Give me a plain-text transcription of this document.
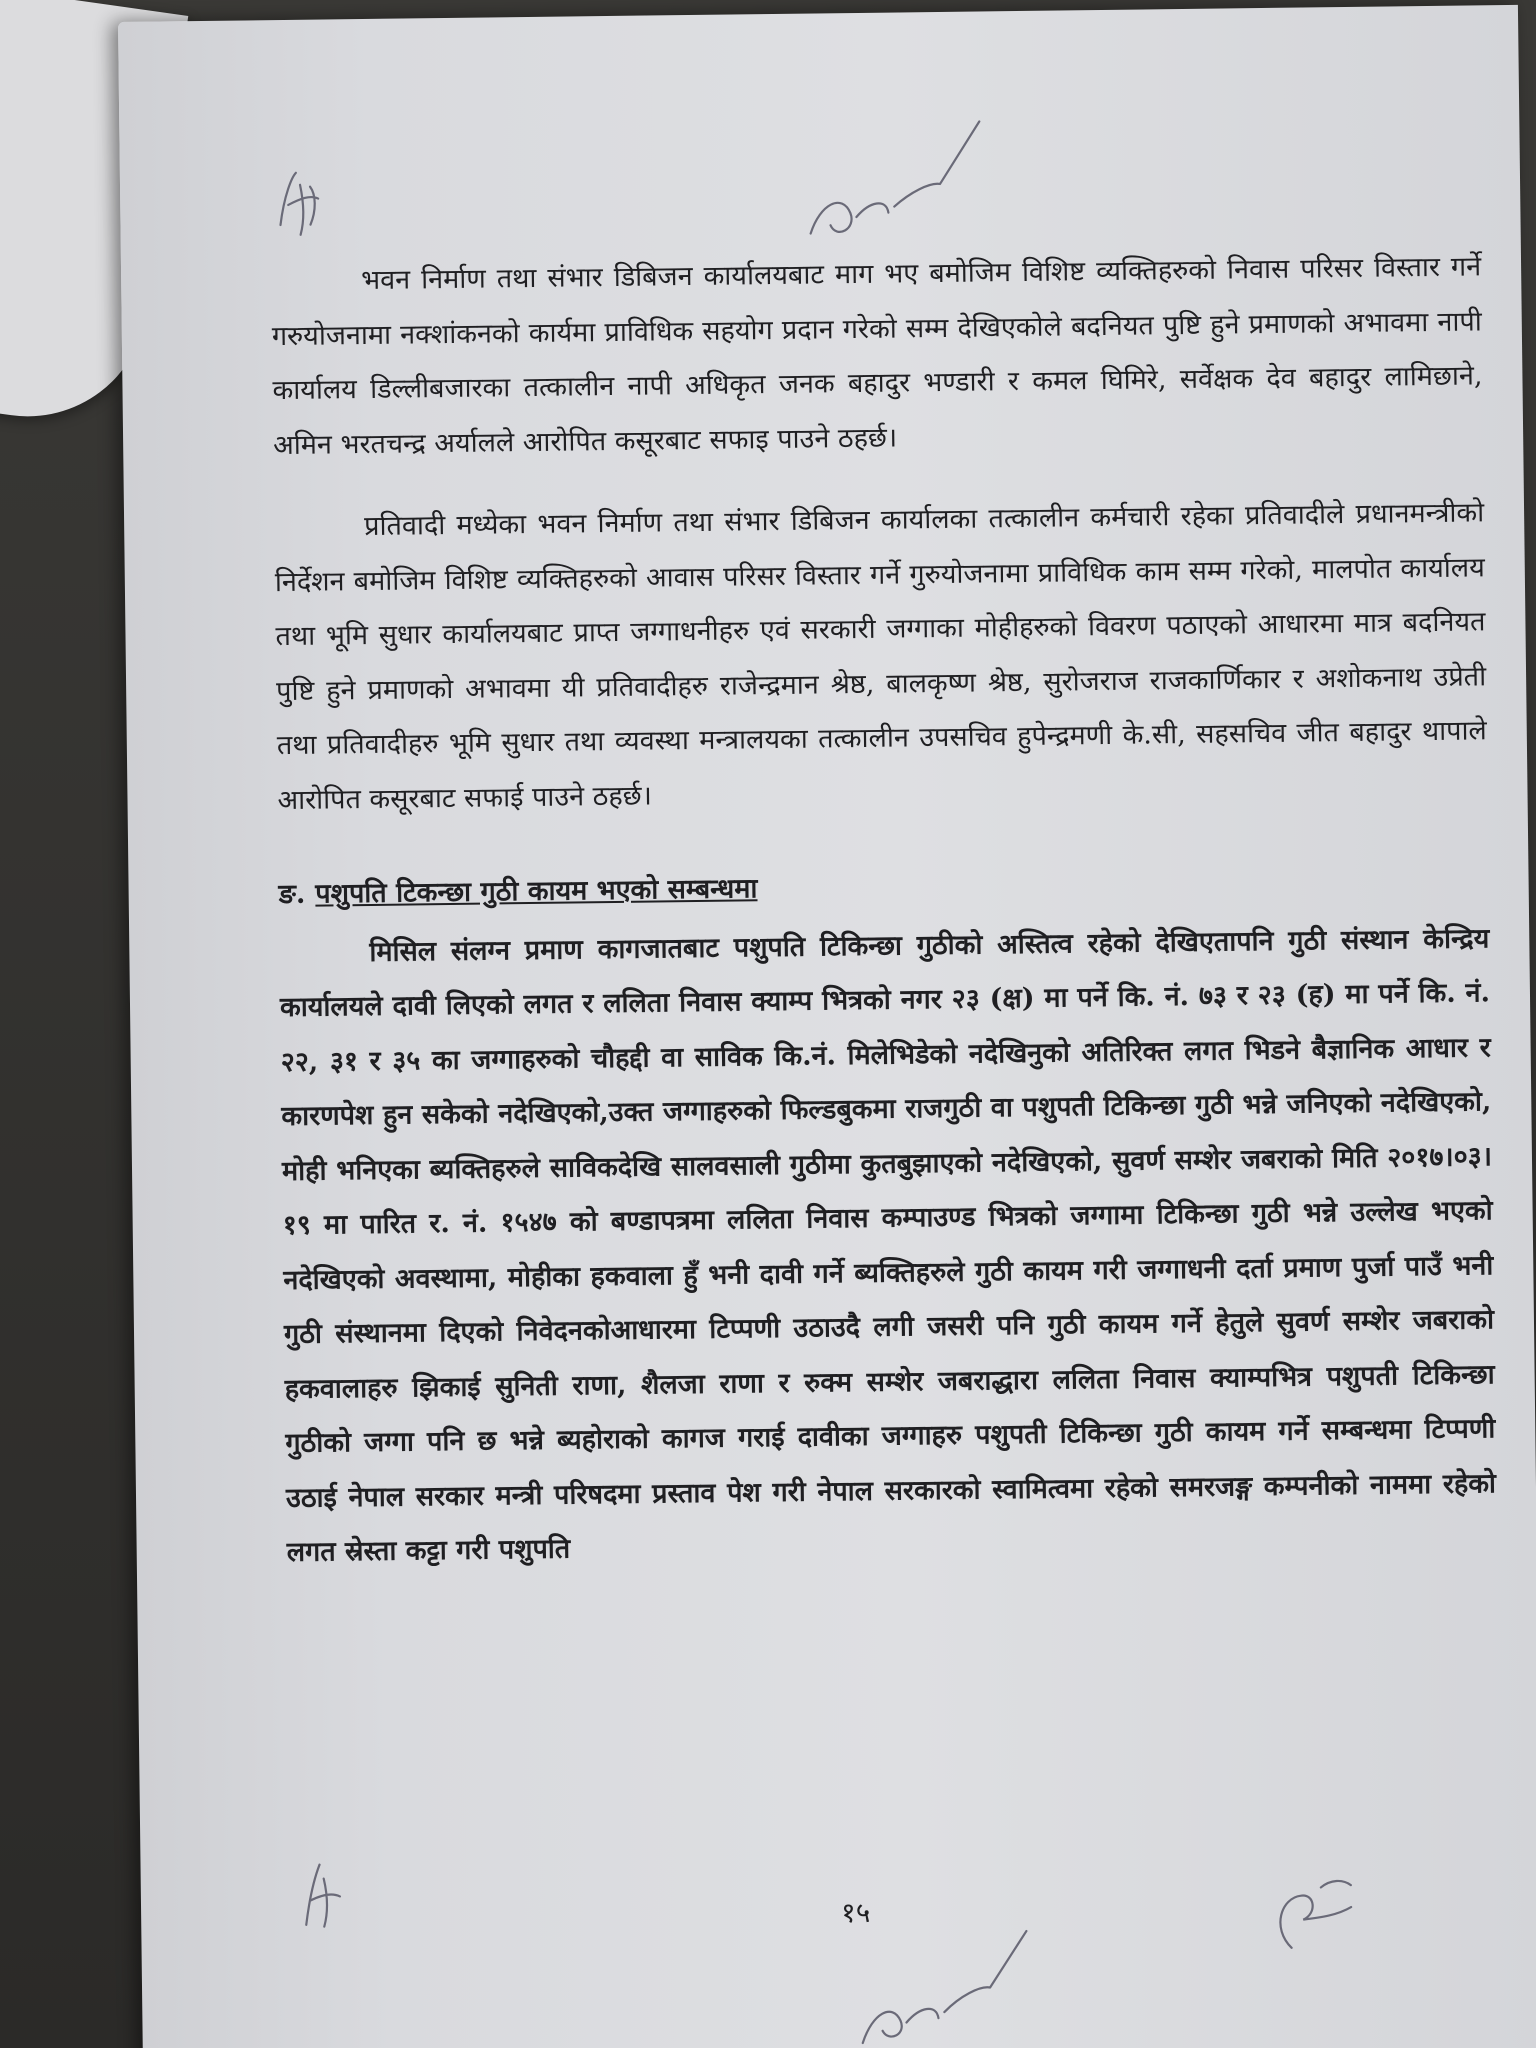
भवन निर्माण तथा संभार डिबिजन कार्यालयबाट माग भए बमोजिम विशिष्ट व्यक्तिहरुको निवास परिसर विस्तार गर्ने गरुयोजनामा नक्शांकनको कार्यमा प्राविधिक सहयोग प्रदान गरेको सम्म देखिएकोले बदनियत पुष्टि हुने प्रमाणको अभावमा नापी कार्यालय डिल्लीबजारका तत्कालीन नापी अधिकृत जनक बहादुर भण्डारी र कमल घिमिरे, सर्वेक्षक देव बहादुर लामिछाने, अमिन भरतचन्द्र अर्यालले आरोपित कसूरबाट सफाइ पाउने ठहर्छ।

प्रतिवादी मध्येका भवन निर्माण तथा संभार डिबिजन कार्यालका तत्कालीन कर्मचारी रहेका प्रतिवादीले प्रधानमन्त्रीको निर्देशन बमोजिम विशिष्ट व्यक्तिहरुको आवास परिसर विस्तार गर्ने गुरुयोजनामा प्राविधिक काम सम्म गरेको, मालपोत कार्यालय तथा भूमि सुधार कार्यालयबाट प्राप्त जग्गाधनीहरु एवं सरकारी जग्गाका मोहीहरुको विवरण पठाएको आधारमा मात्र बदनियत पुष्टि हुने प्रमाणको अभावमा यी प्रतिवादीहरु राजेन्द्रमान श्रेष्ठ, बालकृष्ण श्रेष्ठ, सुरोजराज राजकार्णिकार र अशोकनाथ उप्रेती तथा प्रतिवादीहरु भूमि सुधार तथा व्यवस्था मन्त्रालयका तत्कालीन उपसचिव हुपेन्द्रमणी के.सी, सहसचिव जीत बहादुर थापाले आरोपित कसूरबाट सफाई पाउने ठहर्छ।

ङ. पशुपति टिकन्छा गुठी कायम भएको सम्बन्धमा

मिसिल संलग्न प्रमाण कागजातबाट पशुपति टिकिन्छा गुठीको अस्तित्व रहेको देखिएतापनि गुठी संस्थान केन्द्रिय कार्यालयले दावी लिएको लगत र ललिता निवास क्याम्प भित्रको नगर २३ (क्ष) मा पर्ने कि. नं. ७३ र २३ (ह) मा पर्ने कि. नं. २२, ३१ र ३५ का जग्गाहरुको चौहद्दी वा साविक कि.नं. मिलेभिडेको नदेखिनुको अतिरिक्त लगत भिडने बैज्ञानिक आधार र कारणपेश हुन सकेको नदेखिएको,उक्त जग्गाहरुको फिल्डबुकमा राजगुठी वा पशुपती टिकिन्छा गुठी भन्ने जनिएको नदेखिएको, मोही भनिएका ब्यक्तिहरुले साविकदेखि सालवसाली गुठीमा कुतबुझाएको नदेखिएको, सुवर्ण सम्शेर जबराको मिति २०१७।०३।१९ मा पारित र. नं. १५४७ को बण्डापत्रमा ललिता निवास कम्पाउण्ड भित्रको जग्गामा टिकिन्छा गुठी भन्ने उल्लेख भएको नदेखिएको अवस्थामा, मोहीका हकवाला हुँ भनी दावी गर्ने ब्यक्तिहरुले गुठी कायम गरी जग्गाधनी दर्ता प्रमाण पुर्जा पाउँ भनी गुठी संस्थानमा दिएको निवेदनकोआधारमा टिप्पणी उठाउदै लगी जसरी पनि गुठी कायम गर्ने हेतुले सुवर्ण सम्शेर जबराको हकवालाहरु झिकाई सुनिती राणा, शैलजा राणा र रुक्म सम्शेर जबराद्धारा ललिता निवास क्याम्पभित्र पशुपती टिकिन्छा गुठीको जग्गा पनि छ भन्ने ब्यहोराको कागज गराई दावीका जग्गाहरु पशुपती टिकिन्छा गुठी कायम गर्ने सम्बन्धमा टिप्पणी उठाई नेपाल सरकार मन्त्री परिषदमा प्रस्ताव पेश गरी नेपाल सरकारको स्वामित्वमा रहेको समरजङ्ग कम्पनीको नाममा रहेको लगत स्रेस्ता कट्टा गरी पशुपति

१५
